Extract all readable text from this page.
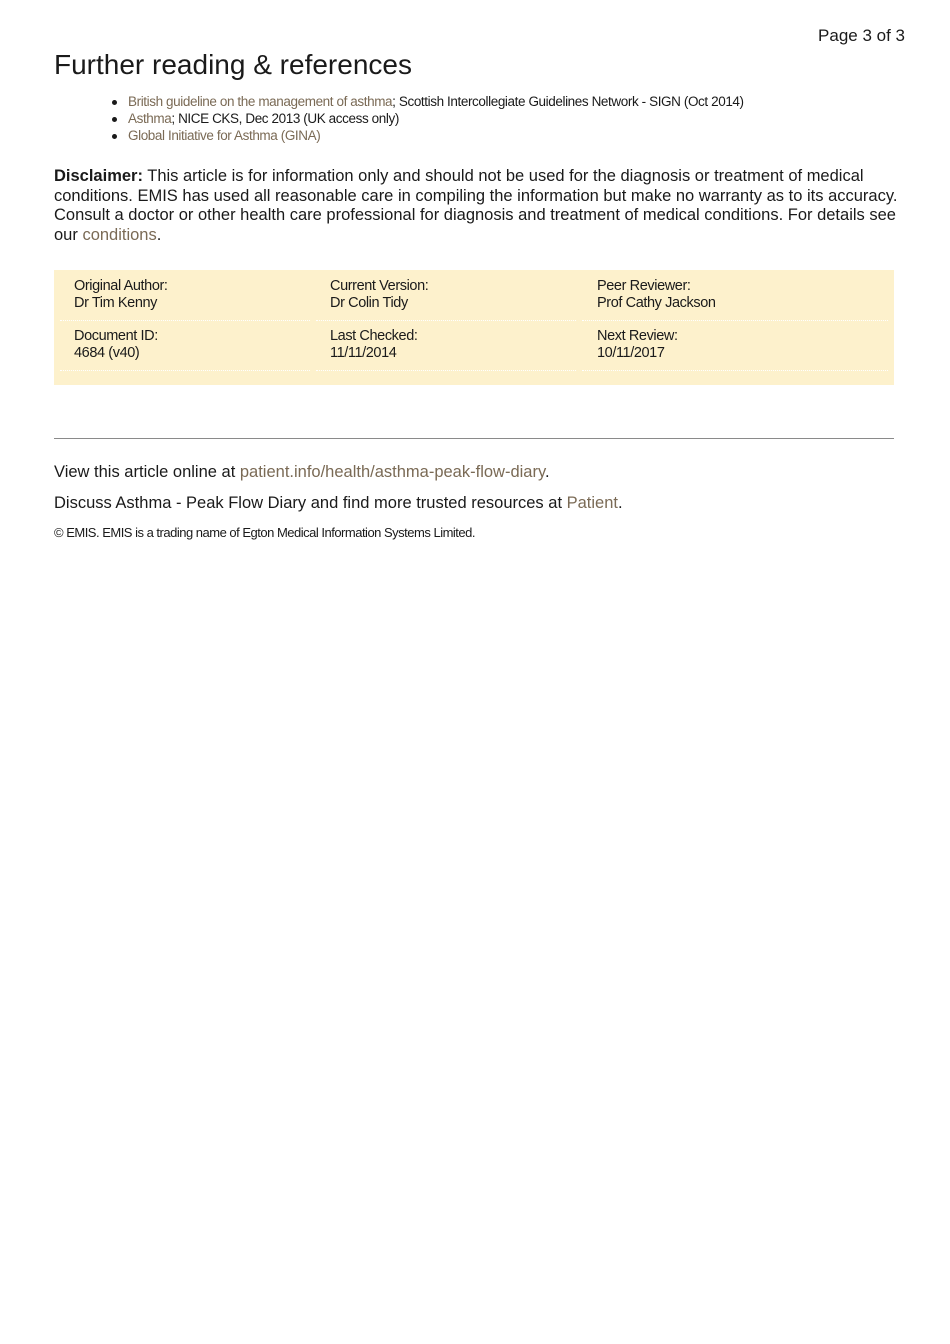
Page 3 of 3
Further reading & references
British guideline on the management of asthma; Scottish Intercollegiate Guidelines Network - SIGN (Oct 2014)
Asthma; NICE CKS, Dec 2013 (UK access only)
Global Initiative for Asthma (GINA)

Disclaimer: This article is for information only and should not be used for the diagnosis or treatment of medical conditions. EMIS has used all reasonable care in compiling the information but make no warranty as to its accuracy. Consult a doctor or other health care professional for diagnosis and treatment of medical conditions. For details see our conditions.

Original Author:
Dr Tim Kenny
Current Version:
Dr Colin Tidy
Peer Reviewer:
Prof Cathy Jackson
Document ID:
4684 (v40)
Last Checked:
11/11/2014
Next Review:
10/11/2017
View this article online at patient.info/health/asthma-peak-flow-diary.
Discuss Asthma - Peak Flow Diary and find more trusted resources at Patient.
© EMIS. EMIS is a trading name of Egton Medical Information Systems Limited.
